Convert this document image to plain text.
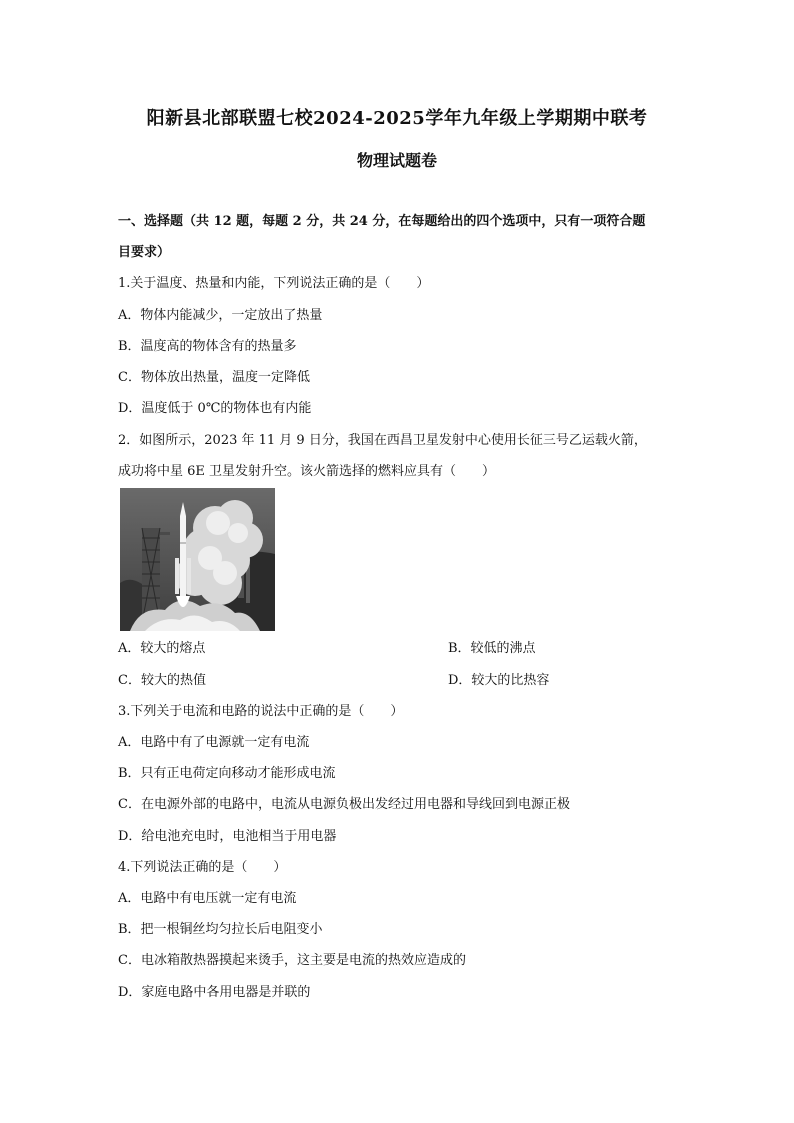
阳新县北部联盟七校2024-2025学年九年级上学期期中联考
物理试题卷
一、选择题（共 12 题，每题 2 分，共 24 分，在每题给出的四个选项中，只有一项符合题
目要求）
1.关于温度、热量和内能，下列说法正确的是（　　）
A．物体内能减少，一定放出了热量
B．温度高的物体含有的热量多
C．物体放出热量，温度一定降低
D．温度低于 0℃的物体也有内能
2．如图所示，2023 年 11 月 9 日分，我国在西昌卫星发射中心使用长征三号乙运载火箭，
成功将中星 6E 卫星发射升空。该火箭选择的燃料应具有（　　）
A．较大的熔点	B．较低的沸点
C．较大的热值	D．较大的比热容
3.下列关于电流和电路的说法中正确的是（　　）
A．电路中有了电源就一定有电流
B．只有正电荷定向移动才能形成电流
C．在电源外部的电路中，电流从电源负极出发经过用电器和导线回到电源正极
D．给电池充电时，电池相当于用电器
4.下列说法正确的是（　　）
A．电路中有电压就一定有电流
B．把一根铜丝均匀拉长后电阻变小
C．电冰箱散热器摸起来烫手，这主要是电流的热效应造成的
D．家庭电路中各用电器是并联的
